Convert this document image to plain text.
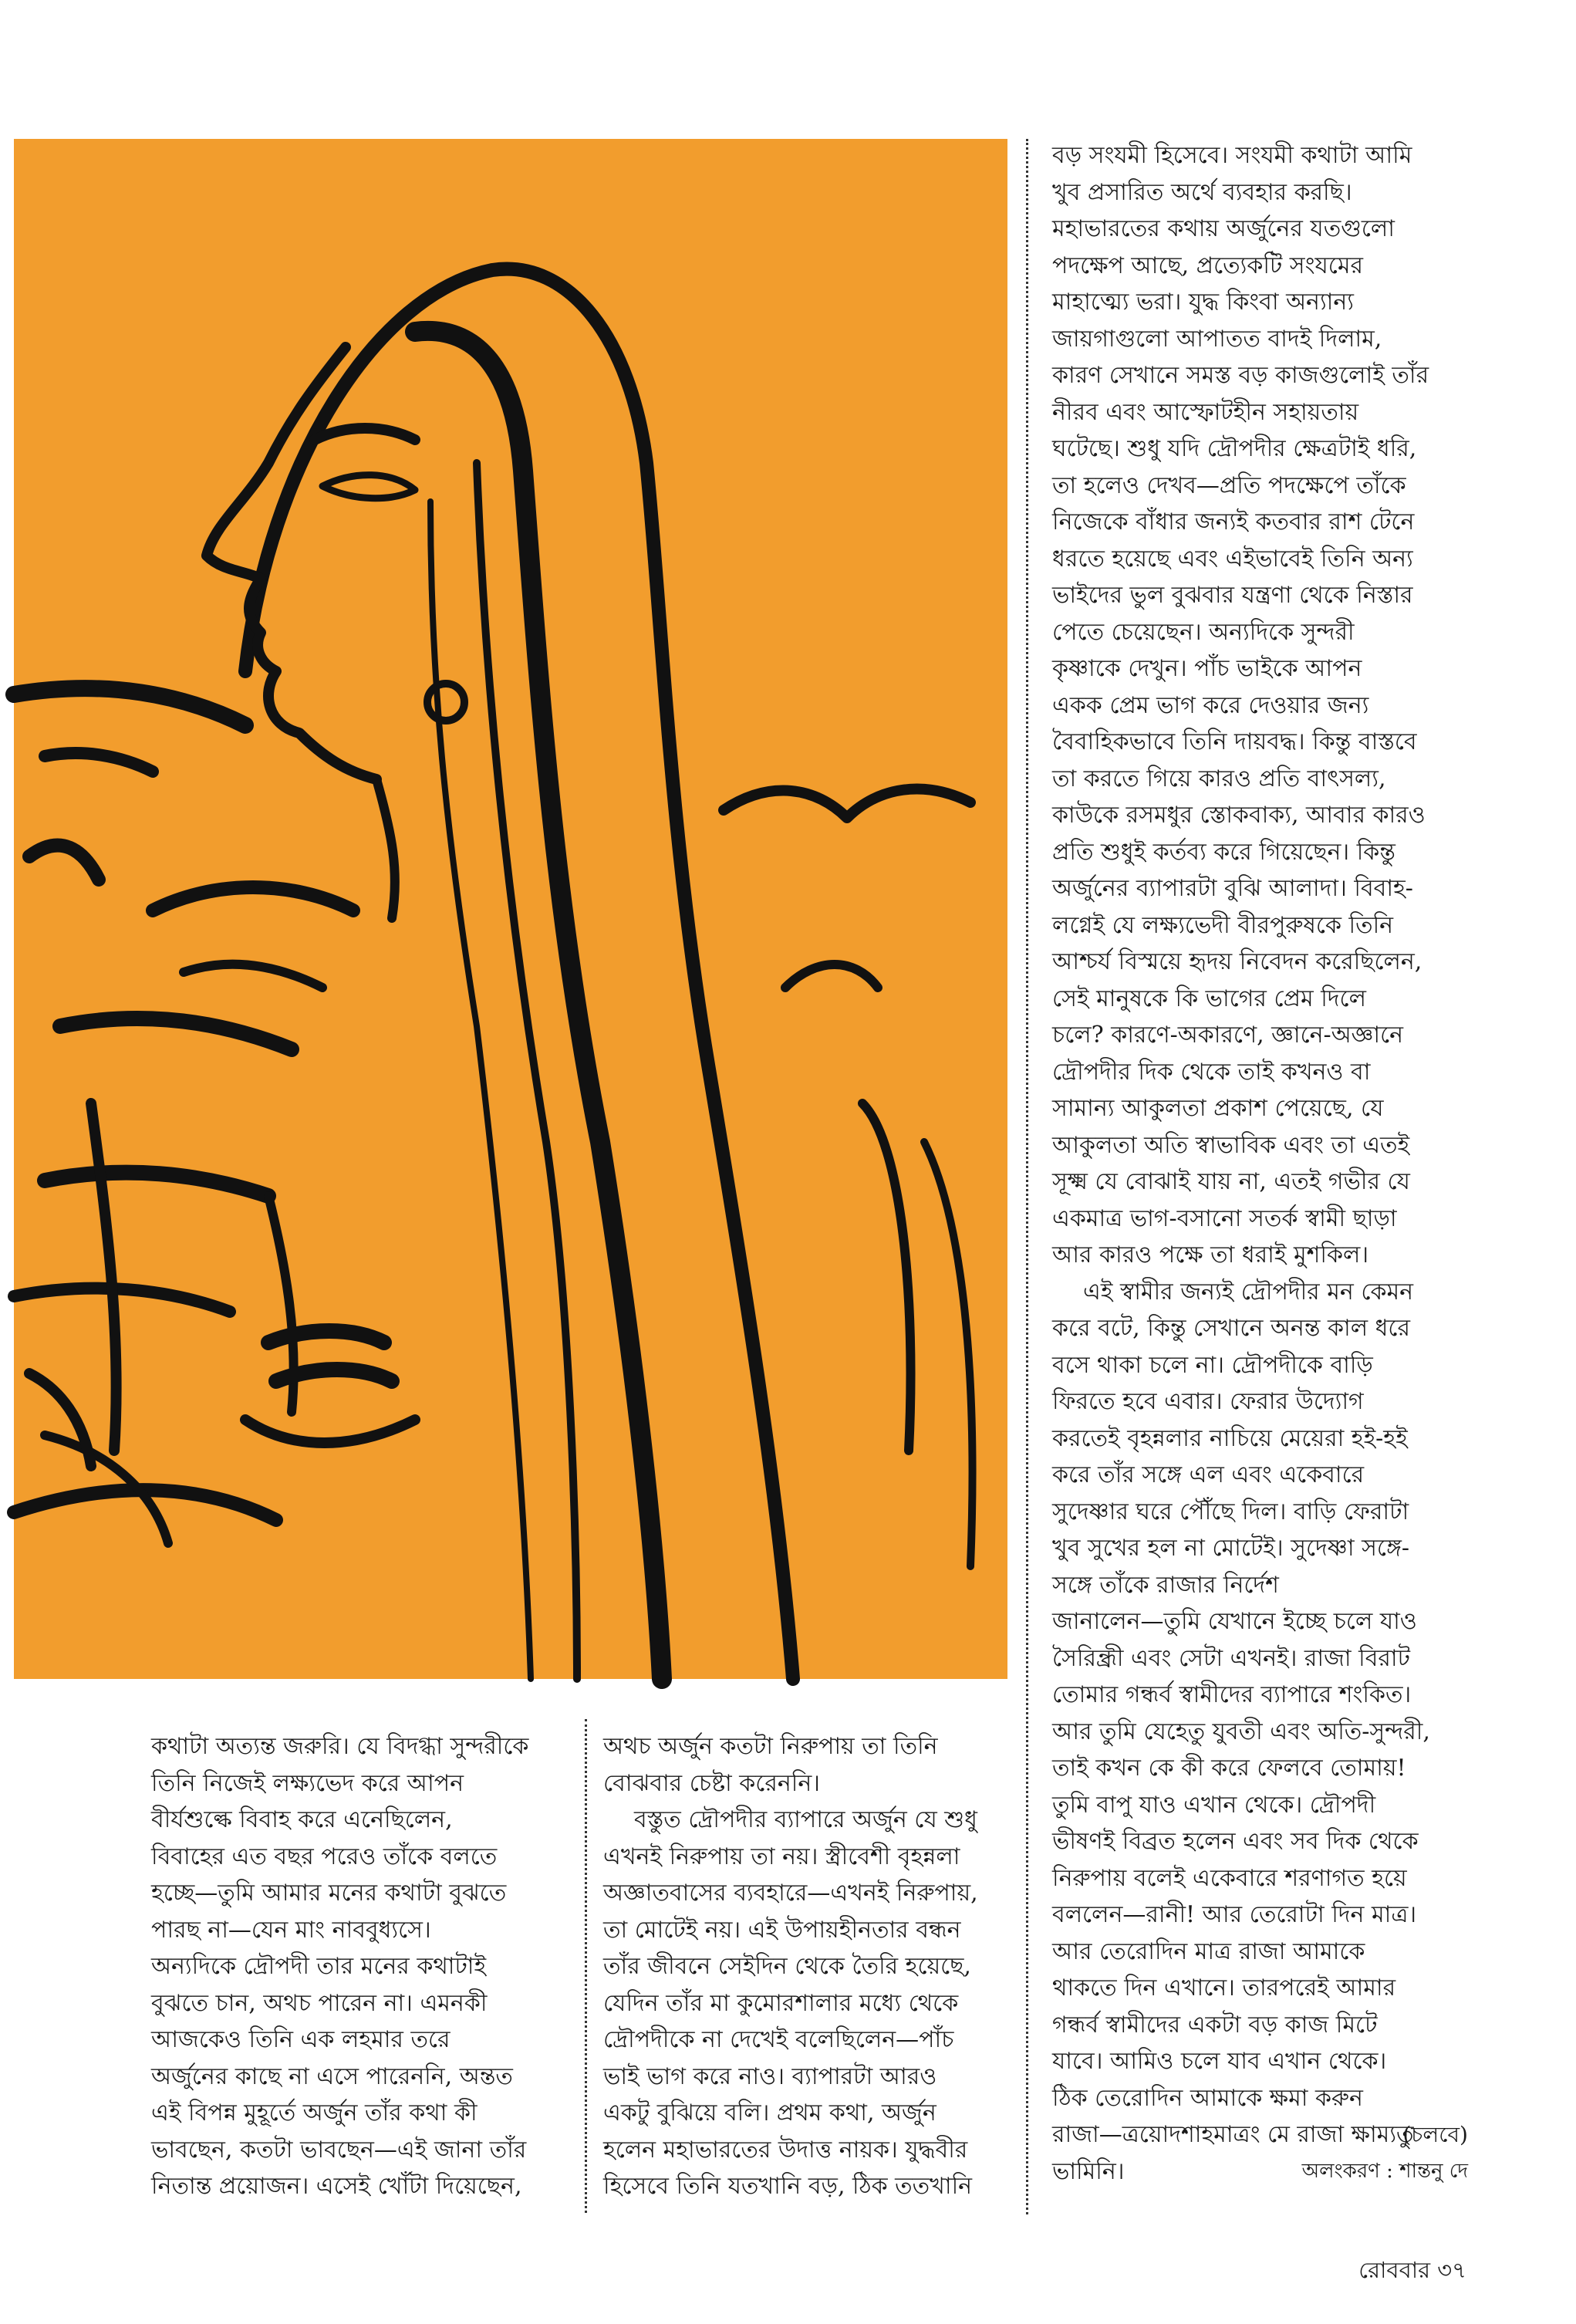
কথাটা অত্যন্ত জরুরি। যে বিদগ্ধা সুন্দরীকে

তিনি নিজেই লক্ষ্যভেদ করে আপন

বীর্যশুল্কে বিবাহ করে এনেছিলেন,

বিবাহের এত বছর পরেও তাঁকে বলতে

হচ্ছে—তুমি আমার মনের কথাটা বুঝতে

পারছ না—যেন মাং নাববুধ্যসে।

অন্যদিকে দ্রৌপদী তার মনের কথাটাই

বুঝতে চান, অথচ পারেন না। এমনকী

আজকেও তিনি এক লহমার তরে

অর্জুনের কাছে না এসে পারেননি, অন্তত

এই বিপন্ন মুহূর্তে অর্জুন তাঁর কথা কী

ভাবছেন, কতটা ভাবছেন—এই জানা তাঁর

নিতান্ত প্রয়োজন। এসেই খোঁটা দিয়েছেন,

অথচ অর্জুন কতটা নিরুপায় তা তিনি

বোঝবার চেষ্টা করেননি।

বস্তুত দ্রৌপদীর ব্যাপারে অর্জুন যে শুধু

এখনই নিরুপায় তা নয়। স্ত্রীবেশী বৃহন্নলা

অজ্ঞাতবাসের ব্যবহারে—এখনই নিরুপায়,

তা মোটেই নয়। এই উপায়হীনতার বন্ধন

তাঁর জীবনে সেইদিন থেকে তৈরি হয়েছে,

যেদিন তাঁর মা কুমোরশালার মধ্যে থেকে

দ্রৌপদীকে না দেখেই বলেছিলেন—পাঁচ

ভাই ভাগ করে নাও। ব্যাপারটা আরও

একটু বুঝিয়ে বলি। প্রথম কথা, অর্জুন

হলেন মহাভারতের উদাত্ত নায়ক। যুদ্ধবীর

হিসেবে তিনি যতখানি বড়, ঠিক ততখানি

বড় সংযমী হিসেবে। সংযমী কথাটা আমি

খুব প্রসারিত অর্থে ব্যবহার করছি।

মহাভারতের কথায় অর্জুনের যতগুলো

পদক্ষেপ আছে, প্রত্যেকটি সংযমের

মাহাত্ম্যে ভরা। যুদ্ধ কিংবা অন্যান্য

জায়গাগুলো আপাতত বাদই দিলাম,

কারণ সেখানে সমস্ত বড় কাজগুলোই তাঁর

নীরব এবং আস্ফোটহীন সহায়তায়

ঘটেছে। শুধু যদি দ্রৌপদীর ক্ষেত্রটাই ধরি,

তা হলেও দেখব—প্রতি পদক্ষেপে তাঁকে

নিজেকে বাঁধার জন্যই কতবার রাশ টেনে

ধরতে হয়েছে এবং এইভাবেই তিনি অন্য

ভাইদের ভুল বুঝবার যন্ত্রণা থেকে নিস্তার

পেতে চেয়েছেন। অন্যদিকে সুন্দরী

কৃষ্ণাকে দেখুন। পাঁচ ভাইকে আপন

একক প্রেম ভাগ করে দেওয়ার জন্য

বৈবাহিকভাবে তিনি দায়বদ্ধ। কিন্তু বাস্তবে

তা করতে গিয়ে কারও প্রতি বাৎসল্য,

কাউকে রসমধুর স্তোকবাক্য, আবার কারও

প্রতি শুধুই কর্তব্য করে গিয়েছেন। কিন্তু

অর্জুনের ব্যাপারটা বুঝি আলাদা। বিবাহ-

লগ্নেই যে লক্ষ্যভেদী বীরপুরুষকে তিনি

আশ্চর্য বিস্ময়ে হৃদয় নিবেদন করেছিলেন,

সেই মানুষকে কি ভাগের প্রেম দিলে

চলে? কারণে-অকারণে, জ্ঞানে-অজ্ঞানে

দ্রৌপদীর দিক থেকে তাই কখনও বা

সামান্য আকুলতা প্রকাশ পেয়েছে, যে

আকুলতা অতি স্বাভাবিক এবং তা এতই

সূক্ষ্ম যে বোঝাই যায় না, এতই গভীর যে

একমাত্র ভাগ-বসানো সতর্ক স্বামী ছাড়া

আর কারও পক্ষে তা ধরাই মুশকিল।

এই স্বামীর জন্যই দ্রৌপদীর মন কেমন

করে বটে, কিন্তু সেখানে অনন্ত কাল ধরে

বসে থাকা চলে না। দ্রৌপদীকে বাড়ি

ফিরতে হবে এবার। ফেরার উদ্যোগ

করতেই বৃহন্নলার নাচিয়ে মেয়েরা হই-হই

করে তাঁর সঙ্গে এল এবং একেবারে

সুদেষ্ণার ঘরে পৌঁছে দিল। বাড়ি ফেরাটা

খুব সুখের হল না মোটেই। সুদেষ্ণা সঙ্গে-

সঙ্গে তাঁকে রাজার নির্দেশ

জানালেন—তুমি যেখানে ইচ্ছে চলে যাও

সৈরিন্ধ্রী এবং সেটা এখনই। রাজা বিরাট

তোমার গন্ধর্ব স্বামীদের ব্যাপারে শংকিত।

আর তুমি যেহেতু যুবতী এবং অতি-সুন্দরী,

তাই কখন কে কী করে ফেলবে তোমায়!

তুমি বাপু যাও এখান থেকে। দ্রৌপদী

ভীষণই বিব্রত হলেন এবং সব দিক থেকে

নিরুপায় বলেই একেবারে শরণাগত হয়ে

বললেন—রানী! আর তেরোটা দিন মাত্র।

আর তেরোদিন মাত্র রাজা আমাকে

থাকতে দিন এখানে। তারপরেই আমার

গন্ধর্ব স্বামীদের একটা বড় কাজ মিটে

যাবে। আমিও চলে যাব এখান থেকে।

ঠিক তেরোদিন আমাকে ক্ষমা করুন

রাজা—ত্রয়োদশাহমাত্রং মে রাজা ক্ষাম্যতু

ভামিনি।

(চলবে)
অলংকরণ : শান্তনু দে
রোববার ৩৭
